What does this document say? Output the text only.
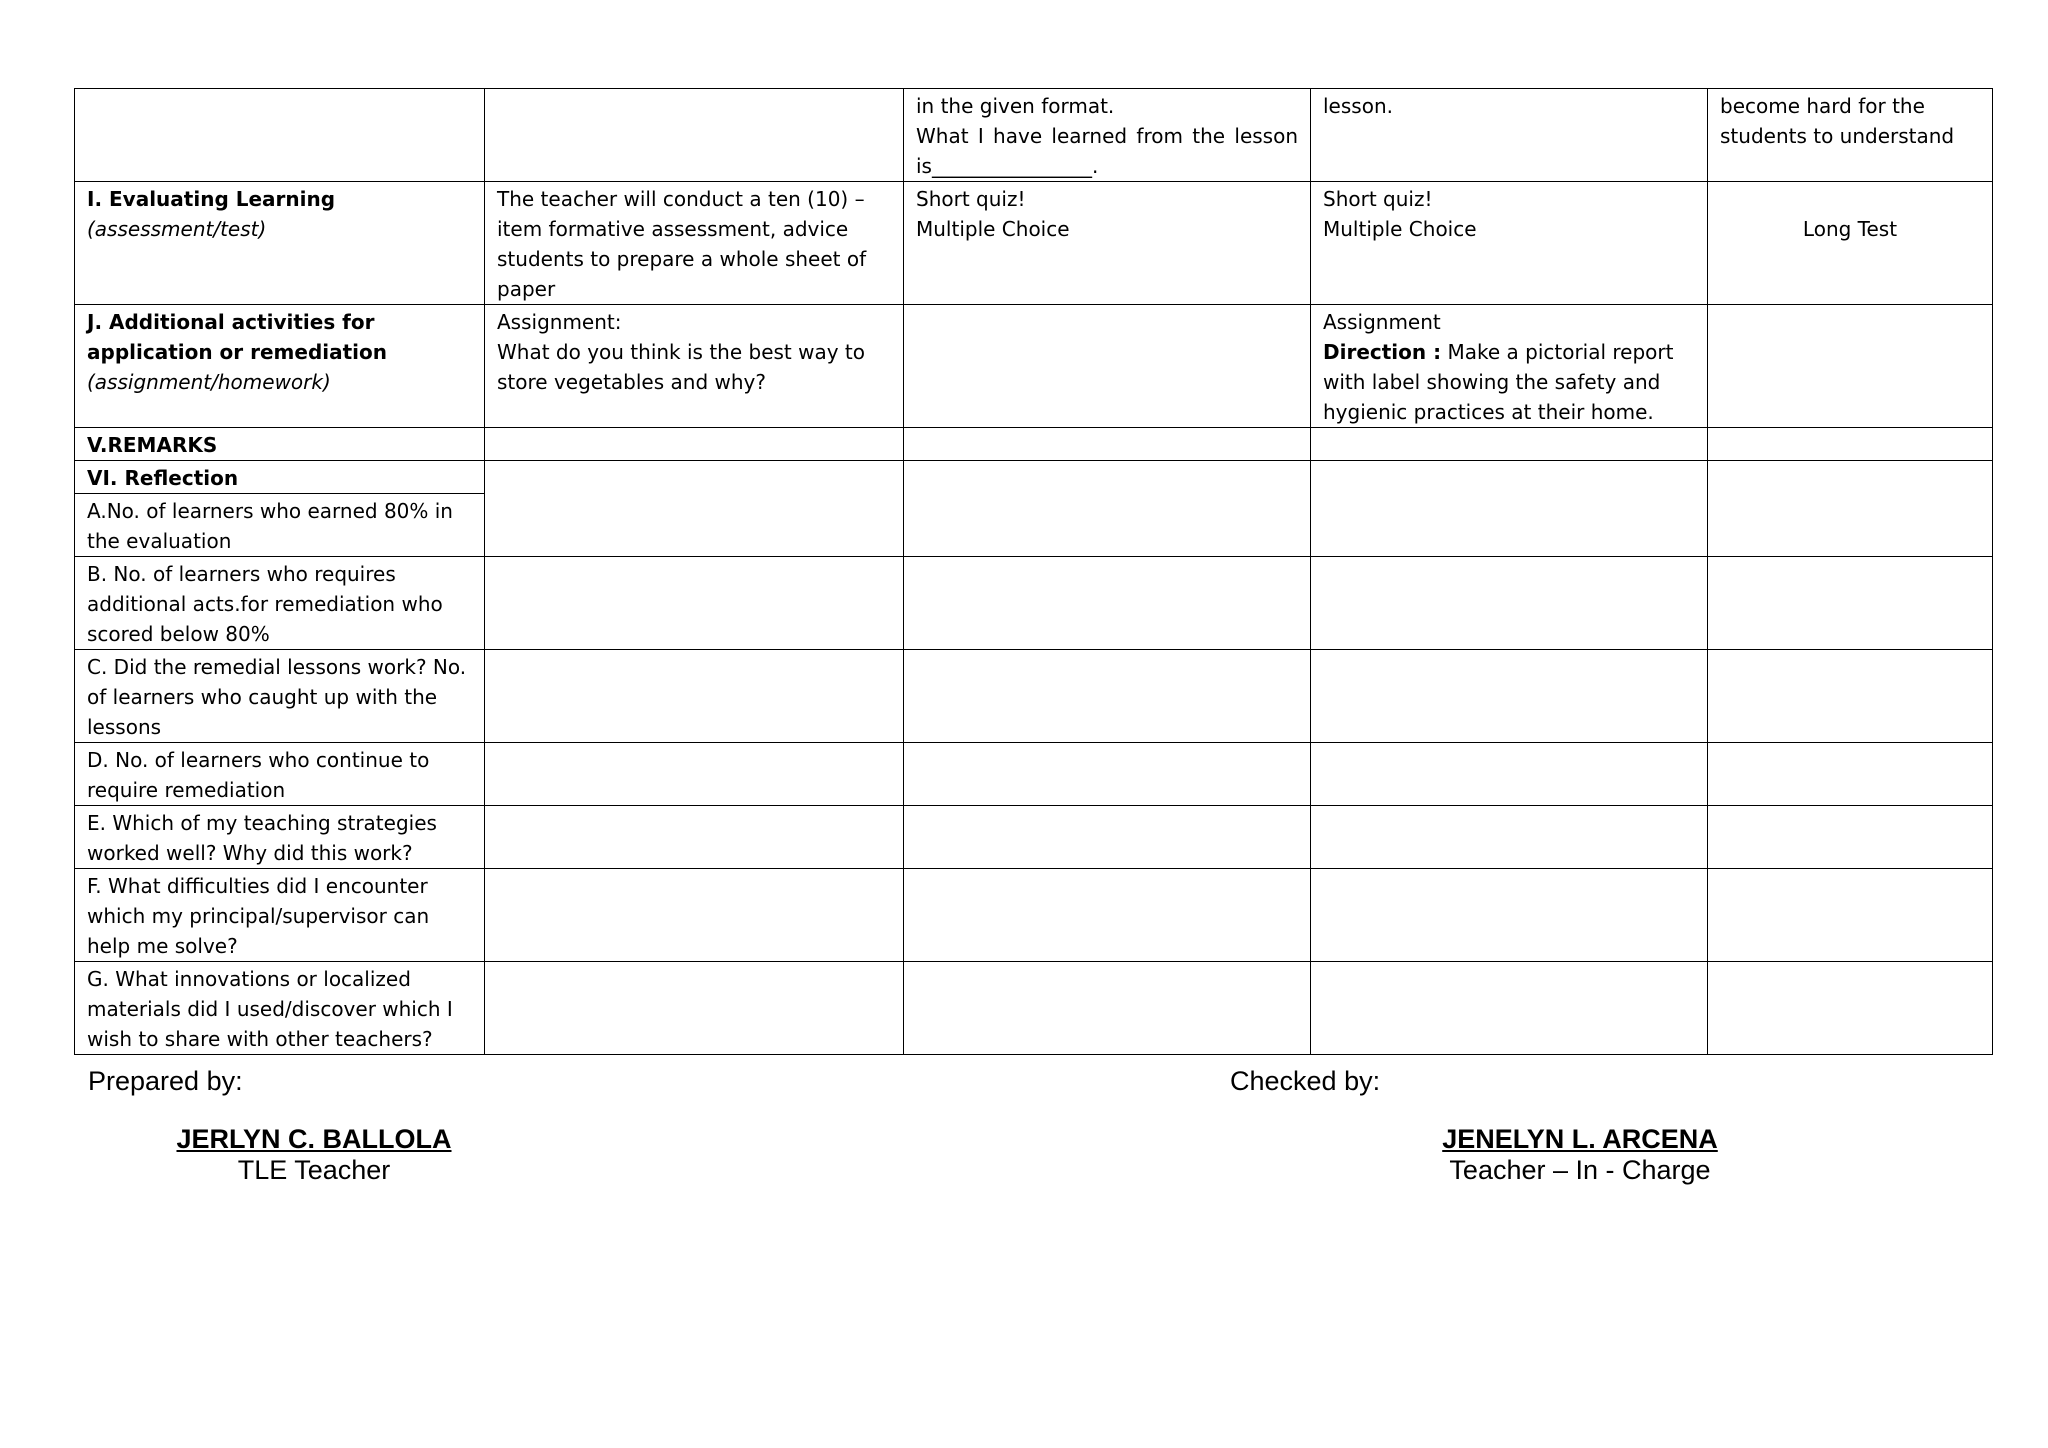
		in the given format.
What I have learned from the lesson
is________________.	lesson.	become hard for the
students to understand

I. Evaluating Learning
(assessment/test)	The teacher will conduct a ten (10) – item formative assessment, advice students to prepare a whole sheet of paper	Short quiz!
Multiple Choice	Short quiz!
Multiple Choice	Long Test

J. Additional activities for application or remediation
(assignment/homework)	Assignment:
What do you think is the best way to store vegetables and why?		Assignment
Direction : Make a pictorial report with label showing the safety and hygienic practices at their home.	

V.REMARKS				
VI. Reflection				
A.No. of learners who earned 80% in the evaluation				
B. No. of learners who requires additional acts.for remediation who scored below 80%				
C. Did the remedial lessons work? No. of learners who caught up with the lessons				
D. No. of learners who continue to require remediation				
E. Which of my teaching strategies worked well? Why did this work?				
F. What difficulties did I encounter which my principal/supervisor can help me solve?				
G. What innovations or localized materials did I used/discover which I wish to share with other teachers?				
Prepared by:
JERLYN C. BALLOLA
TLE Teacher
Checked by:
JENELYN L. ARCENA
Teacher – In - Charge
